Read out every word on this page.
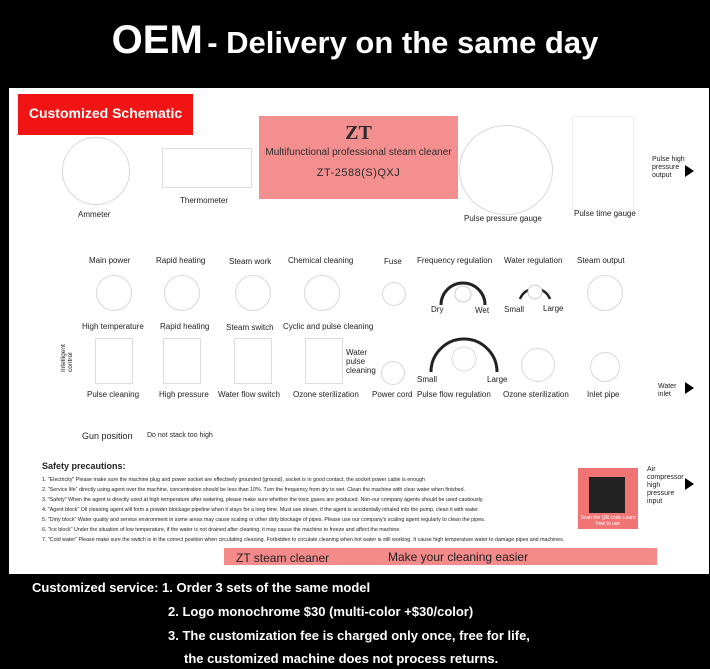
OEM - Delivery on the same day
Customized Schematic
Ammeter
Thermometer
ZT
Multifunctional professional steam cleaner
ZT-2588(S)QXJ
Pulse pressure gauge
Pulse time gauge
Pulse high pressure output
Main power	Rapid heating	Steam work Chemical cleaning	Fuse Frequency regulation Water regulation Steam output
Dry	Wet Small Large
High temperature Rapid heating Steam switch Cyclic and pulse cleaning
Intelligent control	Water pulse cleaning
Small	Large
Pulse cleaning High pressure Water flow switch Ozone sterilization Power cord Pulse flow regulation Ozone sterilization Inlet pipe
Water inlet
Gun position Do not stack too high
Safety precautions:
1. "Electricity" Please make sure the machine plug and power socket are effectively grounded (ground), socket is in good contact, the socket power cable is enough
2. "Service life" directly using agent over the machine, concentration should be less than 10%. Turn the frequency from dry to wet. Clean the machine with clear water when finished.
3. "Safety" When the agent is directly used at high temperature after watering, please make sure whether the toxic gases are produced. Non-our company agents should be used cautiously.
4. "Agent block" Oil cleaning agent will form a powder blockage pipeline when it stays for a long time. Must use steam, if the agent is accidentally inhaled into the pump, clean it with water.
5. "Dirty block" Water quality and service environment in some areas may cause scaling or other dirty blockage of pipes. Please use our company's scaling agent regularly to clean the pipes.
6. "Ice block" Under the situation of low temperature, if the water is not drained after cleaning, it may cause the machine to freeze and affect the machine.
7. "Cold water" Please make sure the switch is in the correct position when circulating cleaning. Forbidden to circulate cleaning when hot water is still working. It cause high temperature water to damage pipes and machines.
Scan the QR code Learn how to use
Air compressor high pressure input
ZT steam cleaner	Make your cleaning easier
Customized service: 1. Order 3 sets of the same model
2. Logo monochrome $30 (multi-color +$30/color)
3. The customization fee is charged only once, free for life,
the customized machine does not process returns.
